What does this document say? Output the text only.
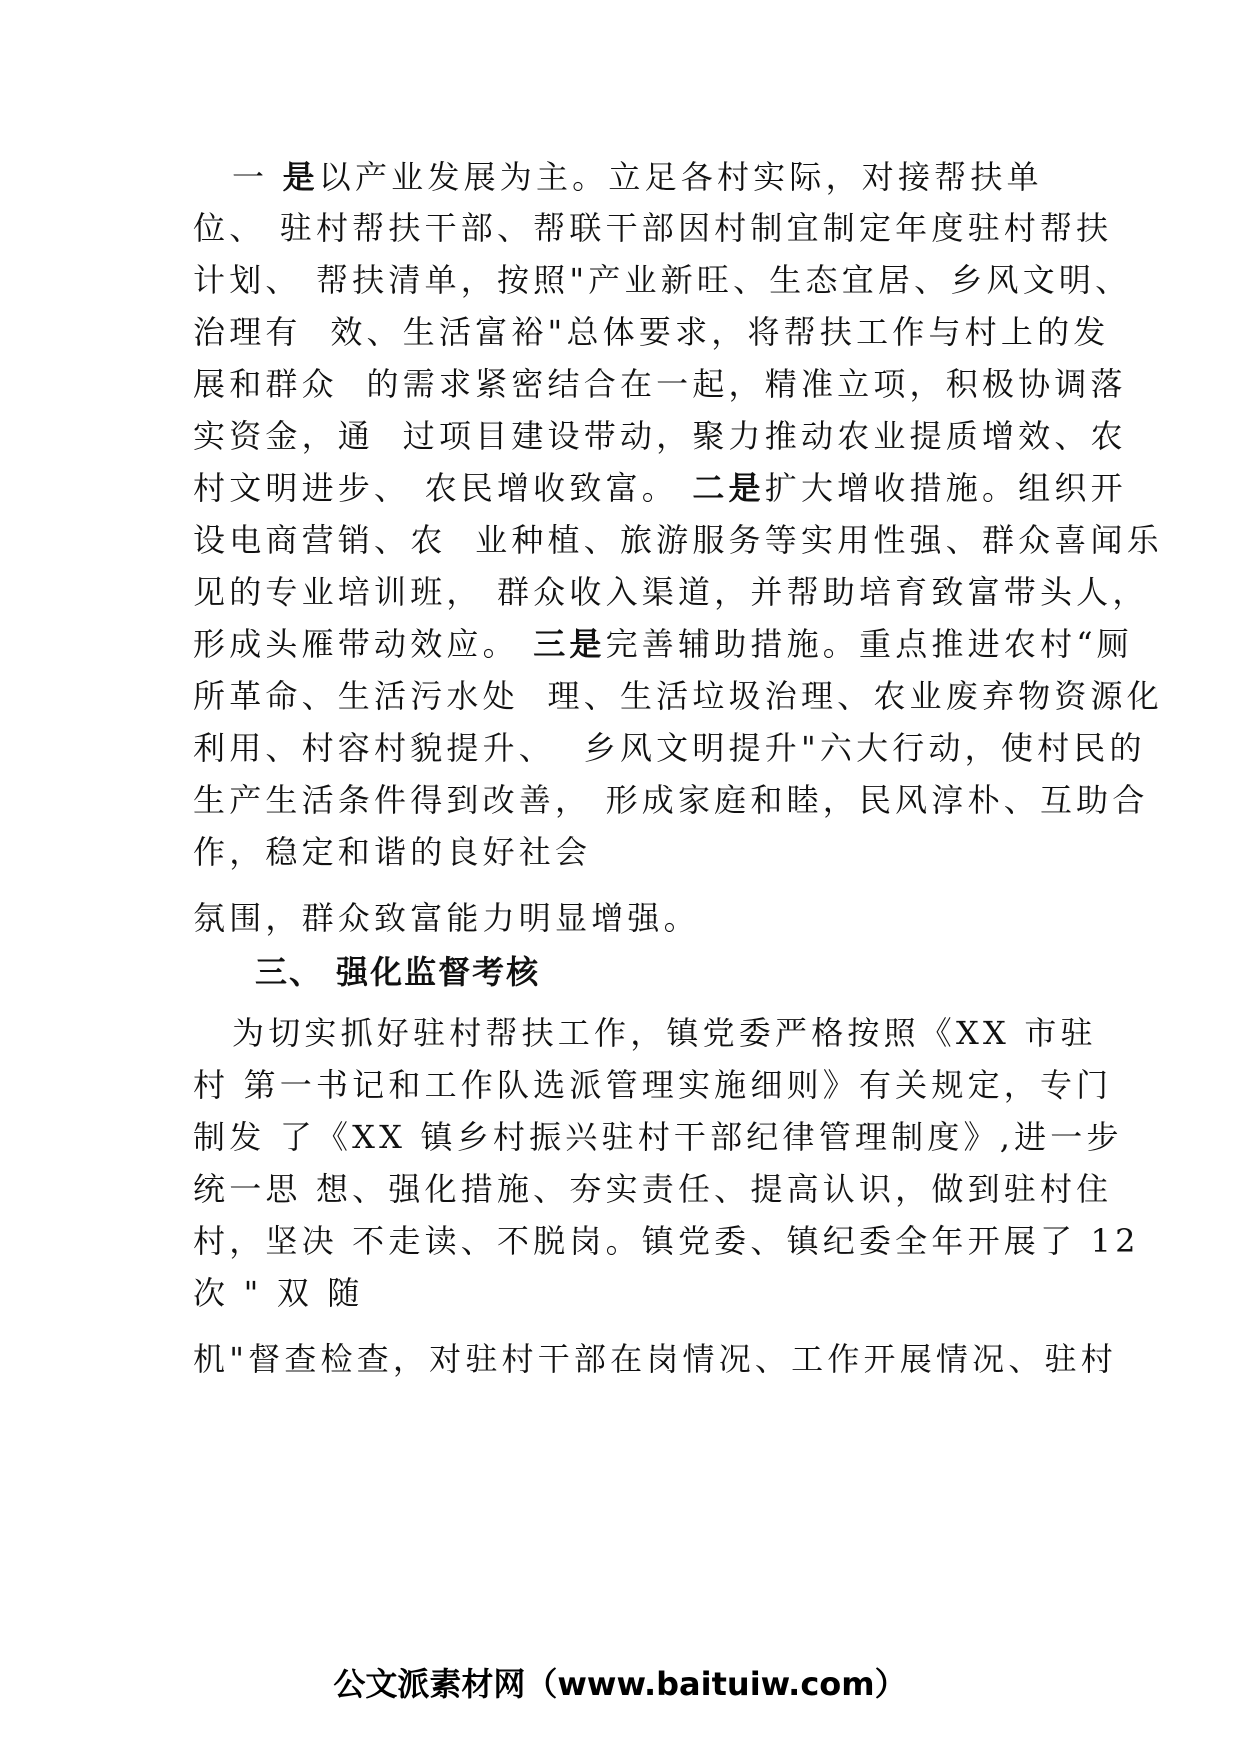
一 是以产业发展为主。立足各村实际，对接帮扶单
位、 驻村帮扶干部、帮联干部因村制宜制定年度驻村帮扶
计划、 帮扶清单，按照"产业新旺、生态宜居、乡风文明、
治理有  效、生活富裕"总体要求，将帮扶工作与村上的发
展和群众  的需求紧密结合在一起，精准立项，积极协调落
实资金，通  过项目建设带动，聚力推动农业提质增效、农
村文明进步、 农民增收致富。 二是扩大增收措施。组织开
设电商营销、农  业种植、旅游服务等实用性强、群众喜闻乐
见的专业培训班， 群众收入渠道，并帮助培育致富带头人，
形成头雁带动效应。 三是完善辅助措施。重点推进农村“厕
所革命、生活污水处  理、生活垃圾治理、农业废弃物资源化
利用、村容村貌提升、  乡风文明提升"六大行动，使村民的
生产生活条件得到改善， 形成家庭和睦，民风淳朴、互助合
作，稳定和谐的良好社会
氛围，群众致富能力明显增强。
三、 强化监督考核
为切实抓好驻村帮扶工作，镇党委严格按照《XX 市驻
村 第一书记和工作队选派管理实施细则》有关规定，专门
制发 了《XX 镇乡村振兴驻村干部纪律管理制度》,进一步
统一思 想、强化措施、夯实责任、提高认识，做到驻村住
村，坚决 不走读、不脱岗。镇党委、镇纪委全年开展了 12
次 " 双 随
机"督查检查，对驻村干部在岗情况、工作开展情况、驻村
公文派素材网（www.baituiw.com）
